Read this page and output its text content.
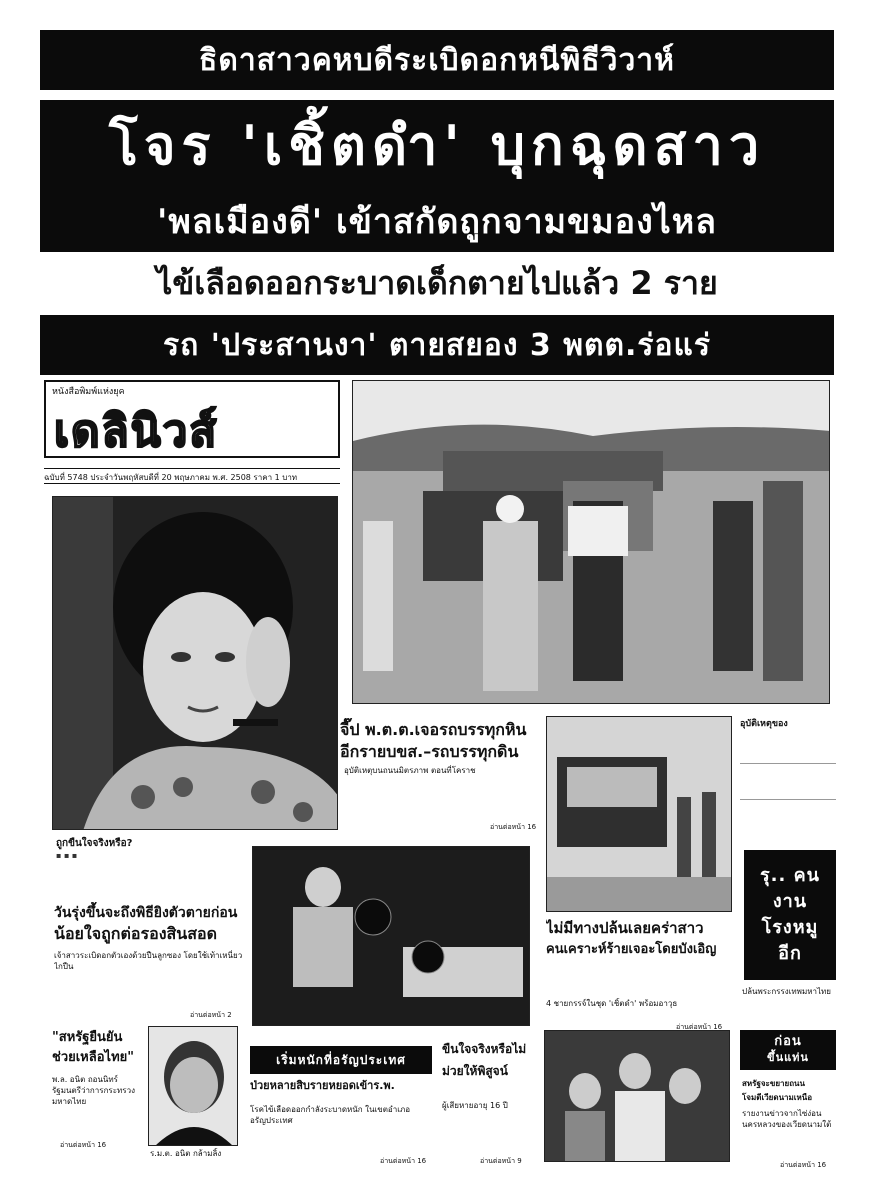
ธิดาสาวคหบดีระเบิดอกหนีพิธีวิวาห์
โจร 'เชิ้ตดำ' บุกฉุดสาว
'พลเมืองดี' เข้าสกัดถูกจามขมองไหล
ไข้เลือดออกระบาดเด็กตายไปแล้ว 2 ราย
รถ 'ประสานงา' ตายสยอง 3 พตต.ร่อแร่
หนังสือพิมพ์แห่งยุค
เดลินิวส์
ฉบับที่ 5748 ประจำวันพฤหัสบดีที่ 20 พฤษภาคม พ.ศ. 2508 ราคา 1 บาท
จี๊ป พ.ต.ต.เจอรถบรรทุกหิน
อีกรายบขส.–รถบรรทุกดิน
อุบัติเหตุบนถนนมิตรภาพ ตอนที่โคราช
อ่านต่อหน้า 16
อุบัติเหตุของ
รุ.. คนงานโรงหมูอีก
ปล้นพระกรรงเทพมหาไทย
ถูกขืนใจจริงหรือ?
▪ ▪ ▪
วันรุ่งขึ้นจะถึงพิธียิงตัวตายก่อน
น้อยใจถูกต่อรองสินสอด
เจ้าสาวระเบิดอกตัวเองด้วยปืนลูกซอง โดยใช้เท้าเหนี่ยวไกปืน
อ่านต่อหน้า 2
ไม่มีทางปล้นเลยคร่าสาว
คนเคราะห์ร้ายเจอะโดยบังเอิญ
4 ชายกรรจ์ในชุด 'เชิ้ตดำ' พร้อมอาวุธ
อ่านต่อหน้า 16
"สหรัฐยืนยัน
ช่วยเหลือไทย"
พ.ล. อนิต ถอนนิทร์ รัฐมนตรีว่าการกระทรวงมหาดไทย
อ่านต่อหน้า 16
ร.ม.ต. อนิต กล้ามลิ้ง
เริ่มหนักที่อรัญประเทศ
ป่วยหลายสิบรายหยอดเข้าร.พ.
โรคไข้เลือดออกกำลังระบาดหนัก ในเขตอำเภออรัญประเทศ
อ่านต่อหน้า 16
ขืนใจจริงหรือไม่
ม่วยให้พิสูจน์
ผู้เสียหายอายุ 16 ปี
อ่านต่อหน้า 9
ก่อน
ขึ้นแท่น
สหรัฐจะขยายถนน
โจมตีเวียดนามเหนือ
รายงานข่าวจากไซ่ง่อน นครหลวงของเวียดนามใต้
อ่านต่อหน้า 16
